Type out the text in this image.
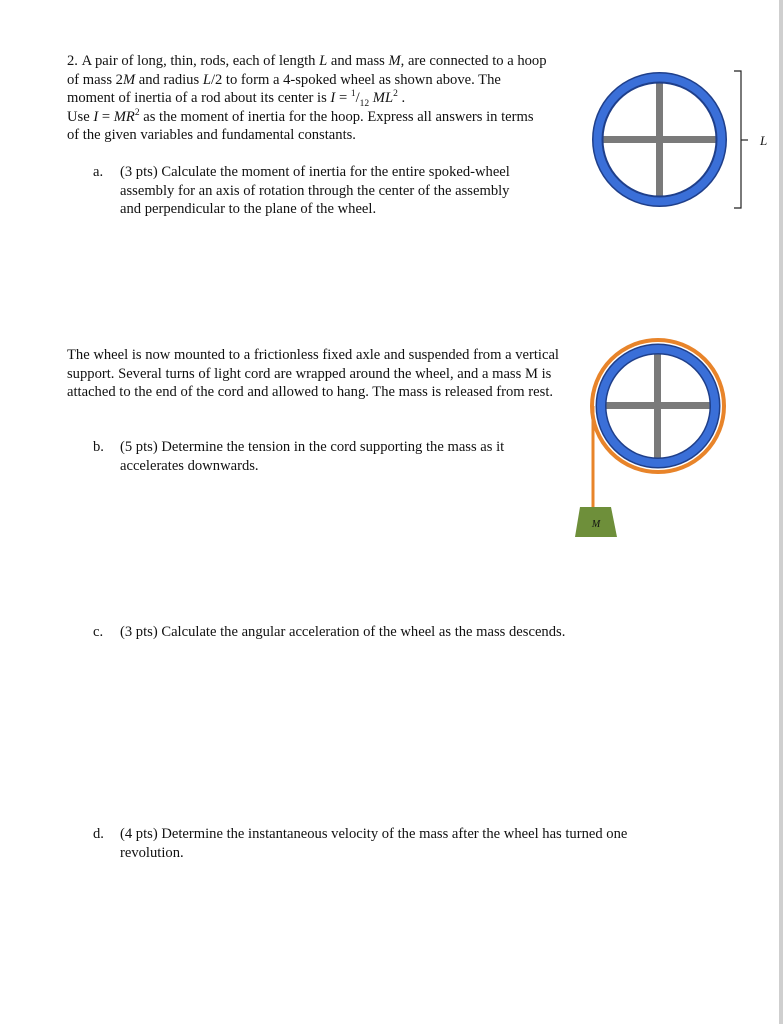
2. A pair of long, thin, rods, each of length L and mass M, are connected to a hoop of mass 2M and radius L/2 to form a 4-spoked wheel as shown above. The moment of inertia of a rod about its center is $I = ^1/_{12}$ $ML^2$ .
Use $I = MR^2$ as the moment of inertia for the hoop. Express all answers in terms of the given variables and fundamental constants.

a. (3 pts) Calculate the moment of inertia for the entire spoked-wheel assembly for an axis of rotation through the center of the assembly and perpendicular to the plane of the wheel.

The wheel is now mounted to a frictionless fixed axle and suspended from a vertical support. Several turns of light cord are wrapped around the wheel, and a mass M is attached to the end of the cord and allowed to hang. The mass is released from rest.

b. (5 pts) Determine the tension in the cord supporting the mass as it accelerates downwards.
c. (3 pts) Calculate the angular acceleration of the wheel as the mass descends.
d. (4 pts) Determine the instantaneous velocity of the mass after the wheel has turned one revolution.
L
M
